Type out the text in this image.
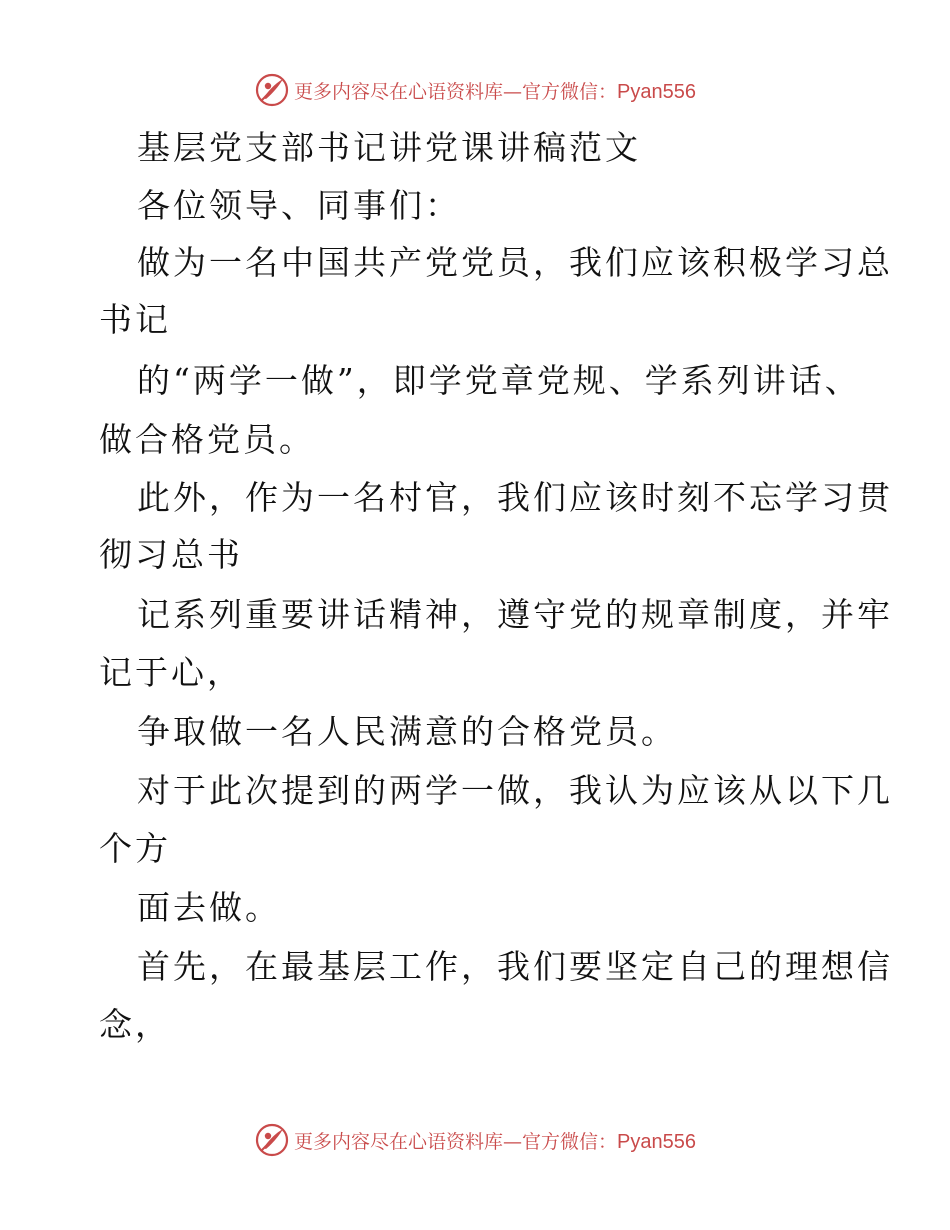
更多内容尽在心语资料库—官方微信：Pyan556
基层党支部书记讲党课讲稿范文
各位领导、同事们：
做为一名中国共产党党员，我们应该积极学习总
书记
的“两学一做”，即学党章党规、学系列讲话、
做合格党员。
此外，作为一名村官，我们应该时刻不忘学习贯
彻习总书
记系列重要讲话精神，遵守党的规章制度，并牢
记于心，
争取做一名人民满意的合格党员。
对于此次提到的两学一做，我认为应该从以下几
个方
面去做。
首先，在最基层工作，我们要坚定自己的理想信
念，
更多内容尽在心语资料库—官方微信：Pyan556
